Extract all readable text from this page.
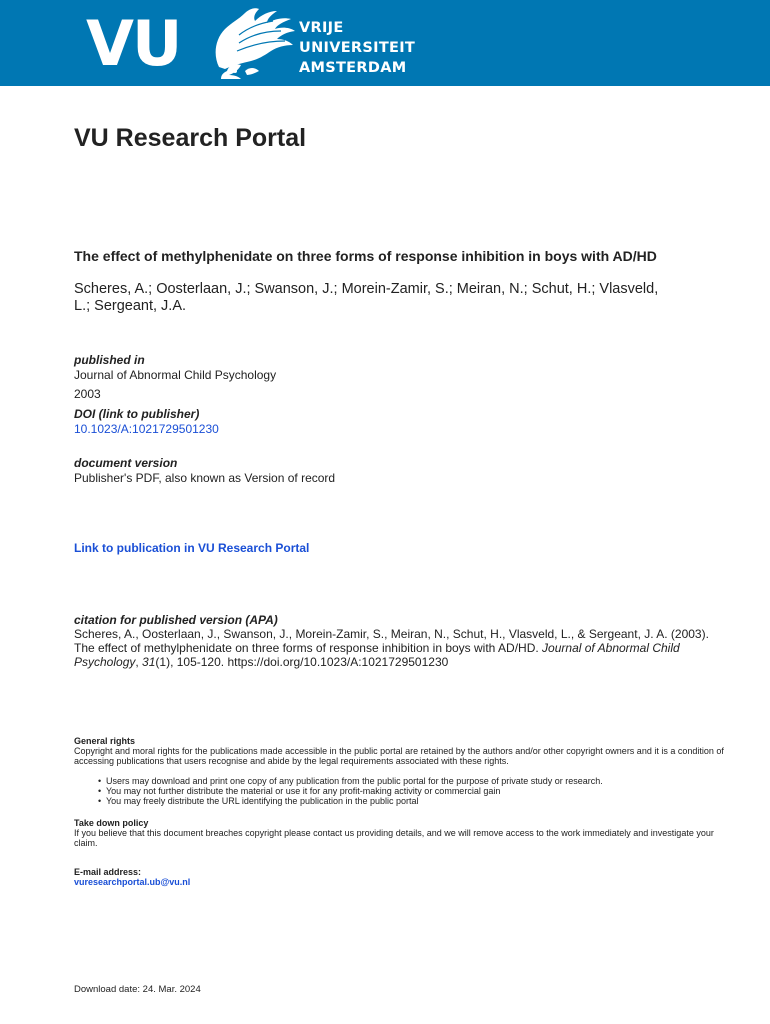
VU	VRIJE
UNIVERSITEIT
AMSTERDAM
VU Research Portal
The effect of methylphenidate on three forms of response inhibition in boys with AD/HD
Scheres, A.; Oosterlaan, J.; Swanson, J.; Morein-Zamir, S.; Meiran, N.; Schut, H.; Vlasveld, L.; Sergeant, J.A.
published in
Journal of Abnormal Child Psychology
2003
DOI (link to publisher)
10.1023/A:1021729501230
document version
Publisher's PDF, also known as Version of record
Link to publication in VU Research Portal
citation for published version (APA)
Scheres, A., Oosterlaan, J., Swanson, J., Morein-Zamir, S., Meiran, N., Schut, H., Vlasveld, L., & Sergeant, J. A. (2003). The effect of methylphenidate on three forms of response inhibition in boys with AD/HD. Journal of Abnormal Child Psychology, 31(1), 105-120. https://doi.org/10.1023/A:1021729501230
General rights
Copyright and moral rights for the publications made accessible in the public portal are retained by the authors and/or other copyright owners and it is a condition of accessing publications that users recognise and abide by the legal requirements associated with these rights.
• Users may download and print one copy of any publication from the public portal for the purpose of private study or research.
• You may not further distribute the material or use it for any profit-making activity or commercial gain
• You may freely distribute the URL identifying the publication in the public portal
Take down policy
If you believe that this document breaches copyright please contact us providing details, and we will remove access to the work immediately and investigate your claim.
E-mail address:
vuresearchportal.ub@vu.nl
Download date: 24. Mar. 2024
